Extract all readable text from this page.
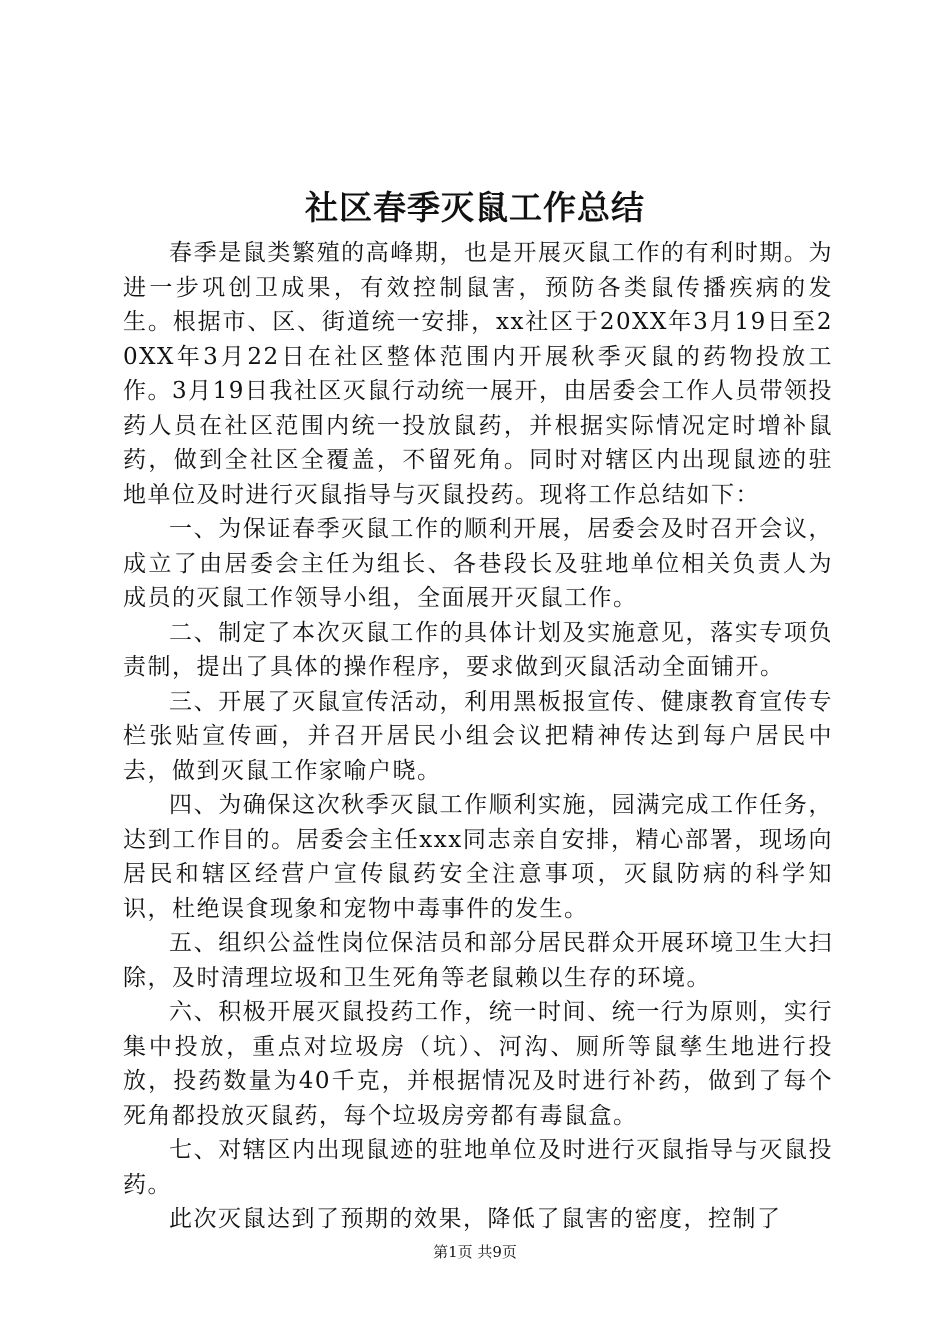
社区春季灭鼠工作总结

春季是鼠类繁殖的高峰期，也是开展灭鼠工作的有利时期。为进一步巩创卫成果，有效控制鼠害，预防各类鼠传播疾病的发生。根据市、区、街道统一安排，xx社区于20XX年3月19日至20XX年3月22日在社区整体范围内开展秋季灭鼠的药物投放工作。3月19日我社区灭鼠行动统一展开，由居委会工作人员带领投药人员在社区范围内统一投放鼠药，并根据实际情况定时增补鼠药，做到全社区全覆盖，不留死角。同时对辖区内出现鼠迹的驻地单位及时进行灭鼠指导与灭鼠投药。现将工作总结如下：

一、为保证春季灭鼠工作的顺利开展，居委会及时召开会议，成立了由居委会主任为组长、各巷段长及驻地单位相关负责人为成员的灭鼠工作领导小组，全面展开灭鼠工作。

二、制定了本次灭鼠工作的具体计划及实施意见，落实专项负责制，提出了具体的操作程序，要求做到灭鼠活动全面铺开。

三、开展了灭鼠宣传活动，利用黑板报宣传、健康教育宣传专栏张贴宣传画，并召开居民小组会议把精神传达到每户居民中去，做到灭鼠工作家喻户晓。

四、为确保这次秋季灭鼠工作顺利实施，园满完成工作任务，达到工作目的。居委会主任xxx同志亲自安排，精心部署，现场向居民和辖区经营户宣传鼠药安全注意事项，灭鼠防病的科学知识，杜绝误食现象和宠物中毒事件的发生。

五、组织公益性岗位保洁员和部分居民群众开展环境卫生大扫除，及时清理垃圾和卫生死角等老鼠赖以生存的环境。

六、积极开展灭鼠投药工作，统一时间、统一行为原则，实行集中投放，重点对垃圾房（坑）、河沟、厕所等鼠孳生地进行投放，投药数量为40千克，并根据情况及时进行补药，做到了每个死角都投放灭鼠药，每个垃圾房旁都有毒鼠盒。

七、对辖区内出现鼠迹的驻地单位及时进行灭鼠指导与灭鼠投药。

此次灭鼠达到了预期的效果，降低了鼠害的密度，控制了

第1页 共9页
